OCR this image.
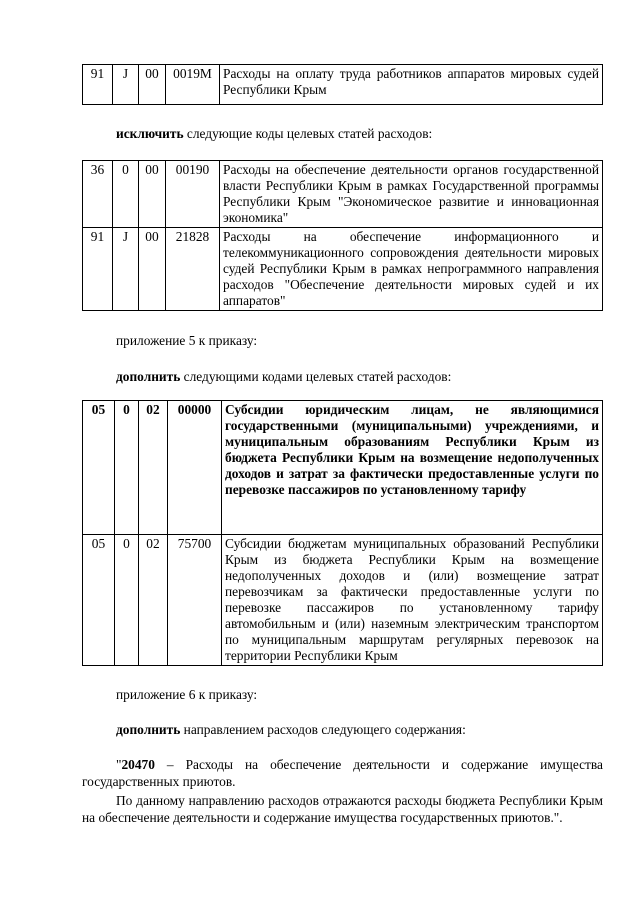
91	J	00	0019M	Расходы на оплату труда работников аппаратов мировых судей Республики Крым
исключить следующие коды целевых статей расходов:
36	0	00	00190	Расходы на обеспечение деятельности органов государственной власти Республики Крым в рамках Государственной программы Республики Крым "Экономическое развитие и инновационная экономика"
91	J	00	21828	Расходы на обеспечение информационного и телекоммуникационного сопровождения деятельности мировых судей Республики Крым в рамках непрограммного направления расходов "Обеспечение деятельности мировых судей и их аппаратов"
приложение 5 к приказу:
дополнить следующими кодами целевых статей расходов:
05	0	02	00000	Субсидии юридическим лицам, не являющимися государственными (муниципальными) учреждениями, и муниципальным образованиям Республики Крым из бюджета Республики Крым на возмещение недополученных доходов и затрат за фактически предоставленные услуги по перевозке пассажиров по установленному тарифу
05	0	02	75700	Субсидии бюджетам муниципальных образований Республики Крым из бюджета Республики Крым на возмещение недополученных доходов и (или) возмещение затрат перевозчикам за фактически предоставленные услуги по перевозке пассажиров по установленному тарифу автомобильным и (или) наземным электрическим транспортом по муниципальным маршрутам регулярных перевозок на территории Республики Крым
приложение 6 к приказу:
дополнить направлением расходов следующего содержания:
"20470 – Расходы на обеспечение деятельности и содержание имущества государственных приютов.
По данному направлению расходов отражаются расходы бюджета Республики Крым на обеспечение деятельности и содержание имущества государственных приютов.".
